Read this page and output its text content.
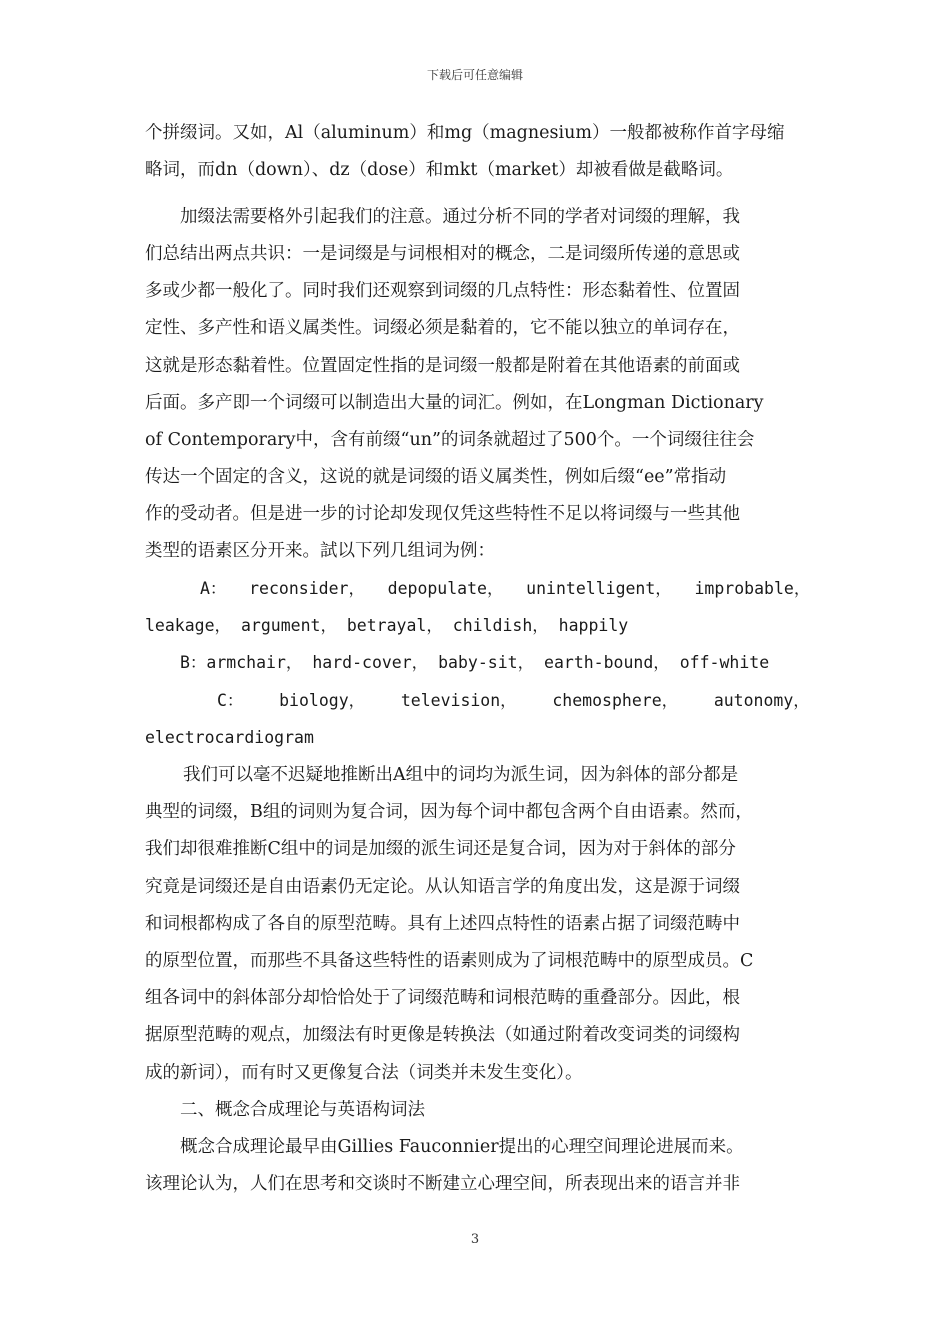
下载后可任意编辑
个拼缀词。又如，Al（aluminum）和mg（magnesium）一般都被称作首字母缩
略词，而dn（down）、dz（dose）和mkt（market）却被看做是截略词。
加缀法需要格外引起我们的注意。通过分析不同的学者对词缀的理解，我
们总结出两点共识：一是词缀是与词根相对的概念，二是词缀所传递的意思或
多或少都一般化了。同时我们还观察到词缀的几点特性：形态黏着性、位置固
定性、多产性和语义属类性。词缀必须是黏着的，它不能以独立的单词存在，
这就是形态黏着性。位置固定性指的是词缀一般都是附着在其他语素的前面或
后面。多产即一个词缀可以制造出大量的词汇。例如，在Longman Dictionary
of Contemporary中，含有前缀“un”的词条就超过了500个。一个词缀往往会
传达一个固定的含义，这说的就是词缀的语义属类性，例如后缀“ee”常指动
作的受动者。但是进一步的讨论却发现仅凭这些特性不足以将词缀与一些其他
类型的语素区分开来。試以下列几组词为例：
A： reconsider， depopulate， unintelligent， improbable，
leakage， argument， betrayal， childish， happily
B：armchair， hard-cover， baby-sit， earth-bound， off-white
C： biology， television， chemosphere， autonomy，
electrocardiogram
我们可以毫不迟疑地推断出A组中的词均为派生词，因为斜体的部分都是
典型的词缀，B组的词则为复合词，因为每个词中都包含两个自由语素。然而，
我们却很难推断C组中的词是加缀的派生词还是复合词，因为对于斜体的部分
究竟是词缀还是自由语素仍无定论。从认知语言学的角度出发，这是源于词缀
和词根都构成了各自的原型范畴。具有上述四点特性的语素占据了词缀范畴中
的原型位置，而那些不具备这些特性的语素则成为了词根范畴中的原型成员。C
组各词中的斜体部分却恰恰处于了词缀范畴和词根范畴的重叠部分。因此，根
据原型范畴的观点，加缀法有时更像是转换法（如通过附着改变词类的词缀构
成的新词），而有时又更像复合法（词类并未发生变化）。
二、概念合成理论与英语构词法
概念合成理论最早由Gillies Fauconnier提出的心理空间理论进展而来。
该理论认为，人们在思考和交谈时不断建立心理空间，所表现出来的语言并非
3
